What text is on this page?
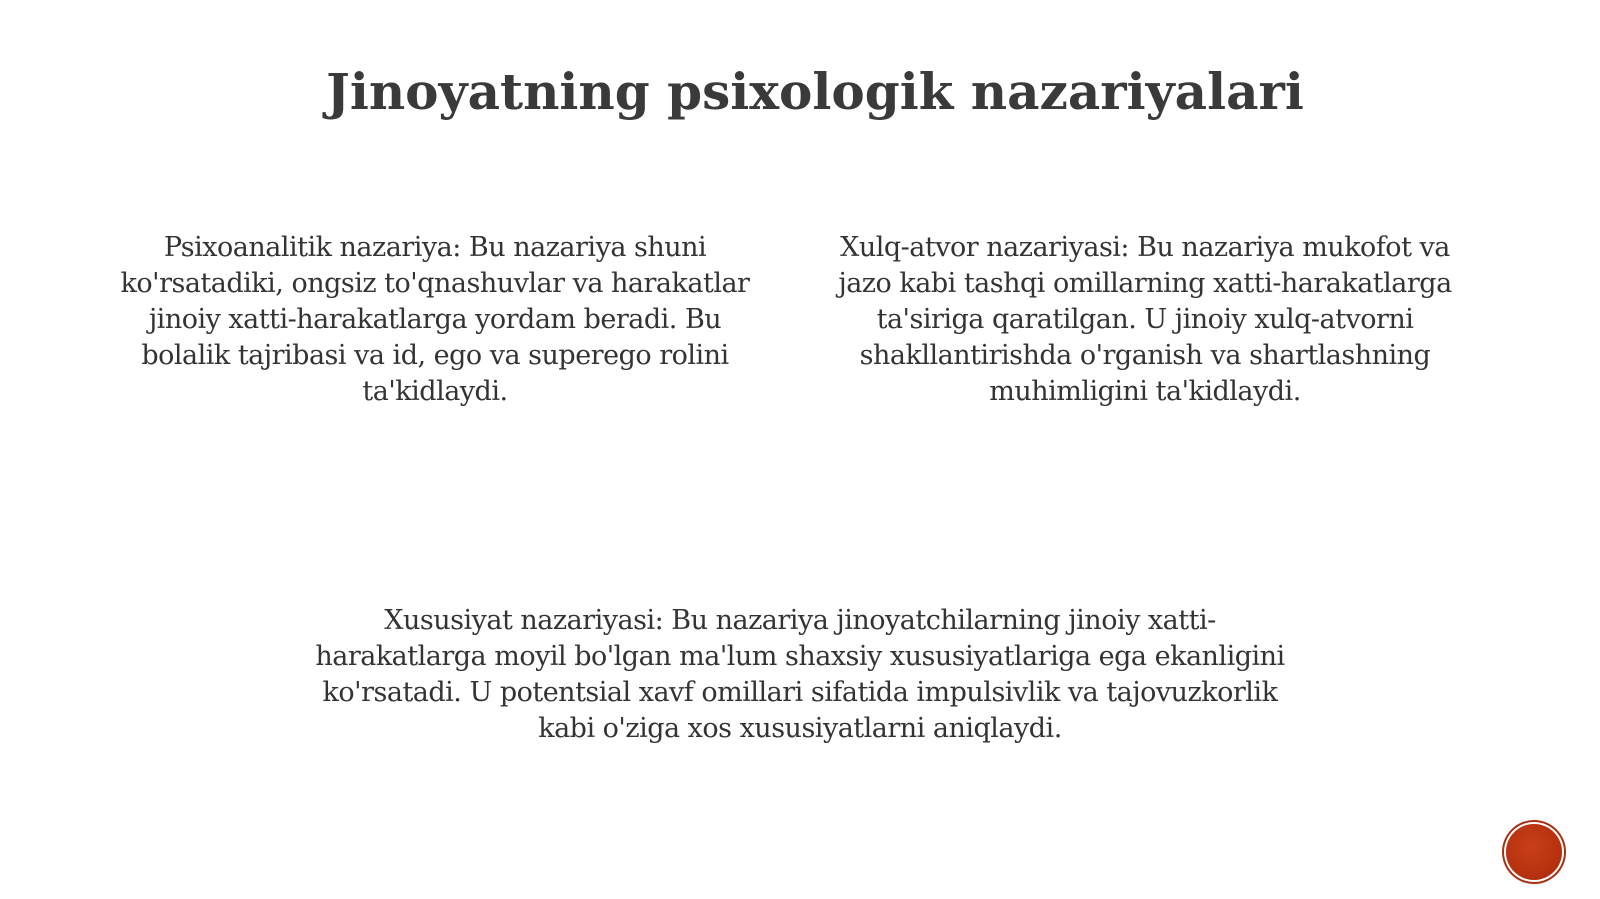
Jinoyatning psixologik nazariyalari

Psixoanalitik nazariya: Bu nazariya shuni ko'rsatadiki, ongsiz to'qnashuvlar va harakatlar jinoiy xatti-harakatlarga yordam beradi. Bu bolalik tajribasi va id, ego va superego rolini ta'kidlaydi.

Xulq-atvor nazariyasi: Bu nazariya mukofot va jazo kabi tashqi omillarning xatti-harakatlarga ta'siriga qaratilgan. U jinoiy xulq-atvorni shakllantirishda o'rganish va shartlashning muhimligini ta'kidlaydi.

Xususiyat nazariyasi: Bu nazariya jinoyatchilarning jinoiy xatti-harakatlarga moyil bo'lgan ma'lum shaxsiy xususiyatlariga ega ekanligini ko'rsatadi. U potentsial xavf omillari sifatida impulsivlik va tajovuzkorlik kabi o'ziga xos xususiyatlarni aniqlaydi.
